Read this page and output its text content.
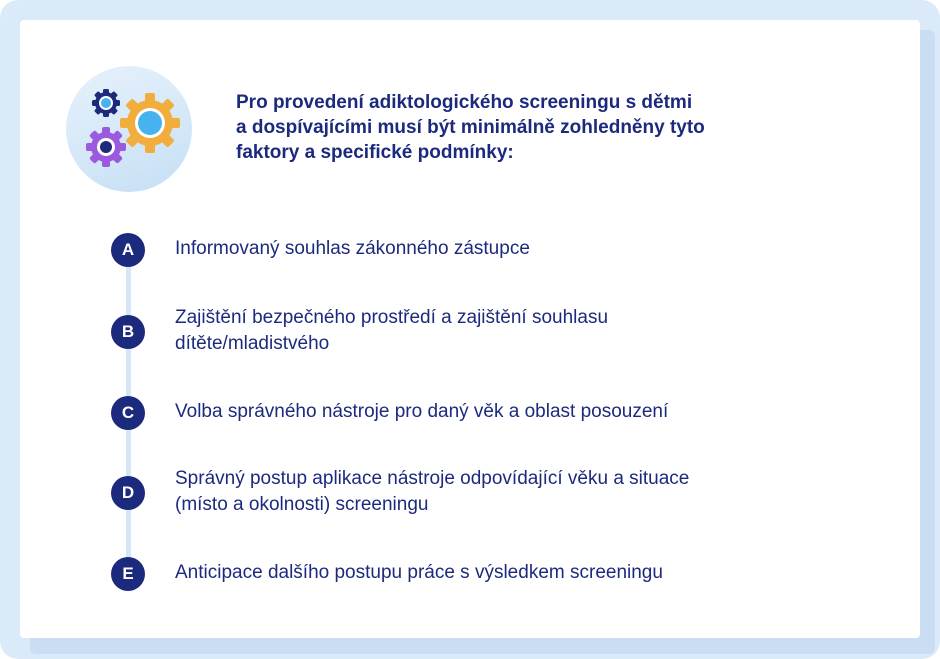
Pro provedení adiktologického screeningu s dětmi
a dospívajícími musí být minimálně zohledněny tyto
faktory a specifické podmínky:
A	Informovaný souhlas zákonného zástupce
B
Zajištění bezpečného prostředí a zajištění souhlasu
dítěte/mladistvého
C	Volba správného nástroje pro daný věk a oblast posouzení
D
Správný postup aplikace nástroje odpovídající věku a situace
(místo a okolnosti) screeningu
E	Anticipace dalšího postupu práce s výsledkem screeningu
